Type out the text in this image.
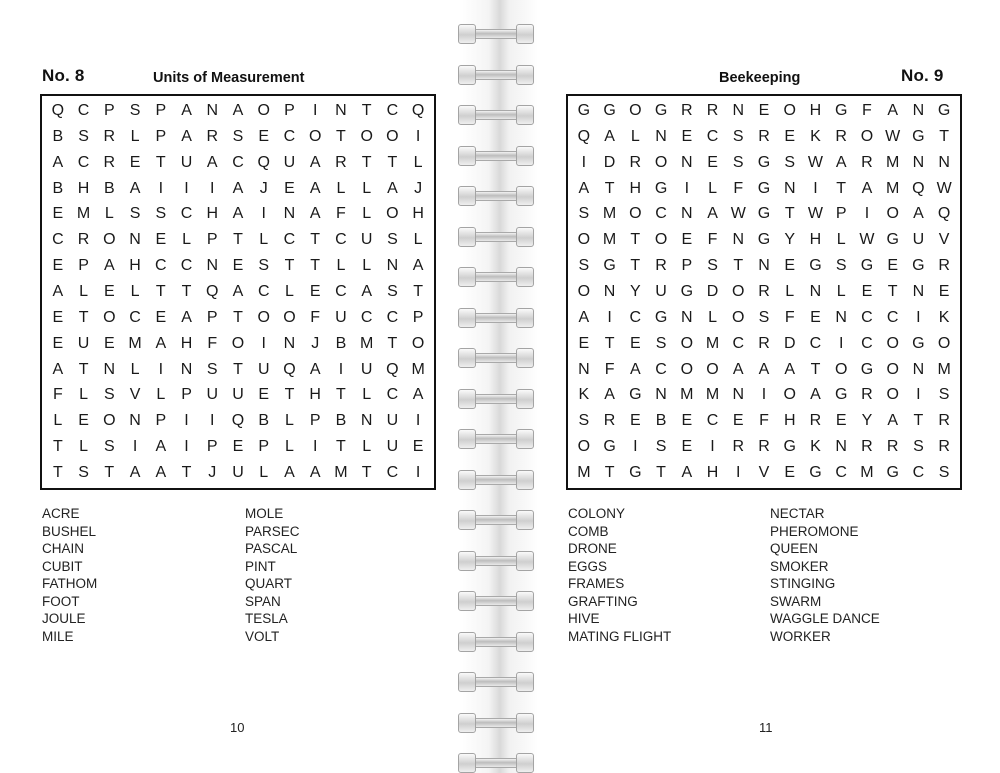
No. 8	Units of Measurement
Q C P S P A N A O P	I	N T C Q
B S R L P A R S E C O T O O	I
A C R E T U A C Q U A R T T	L
B H B A	I	I	I	A	J	E A L	L A	J
E M L S S C H A	I	N A F	L O H
C R O N E L P T	L C T C U S L
E P A H C C N E S T T	L	L N A
A L E L	T T Q A C L E C A S T
E T O C E A P T O O F U C C P
E U E M A H F O	I	N J	B M T O
A T N L	I	N S T U Q A	I	U Q M
F	L S V L P U U E T H T	L C A
L E O N P	I	I	Q B L P B N U	I
T	L S	I	A	I	P E P L	I	T	L U E
T S T A A T	J U L A A M T C	I
ACRE
BUSHEL
CHAIN
CUBIT
FATHOM
FOOT
JOULE
MILE
MOLE
PARSEC
PASCAL
PINT
QUART
SPAN
TESLA
VOLT
10
Beekeeping	No. 9
G G O G R R N E O H G F A N G
Q A L N E C S R E K R O W G T
I	D R O N E S G S W A R M N N
A T H G	I	L	F G N	I	T A M Q W
S M O C N A W G T W P	I	O A Q
O M T O E F N G Y H L W G U V
S G T R P S T N E G S G E G R
O N Y U G D O R L N L E T N E
A	I	C G N L O S F E N C C	I	K
E T E S O M C R D C	I	C O G O
N F A C O O A A A T O G O N M
K A G N M M N	I	O A G R O	I	S
S R E B E C E F H R E Y A T R
O G	I	S E	I	R R G K N R R S R
M T G T A H	I	V E G C M G C S
COLONY
COMB
DRONE
EGGS
FRAMES
GRAFTING
HIVE
MATING FLIGHT
NECTAR
PHEROMONE
QUEEN
SMOKER
STINGING
SWARM
WAGGLE DANCE
WORKER
11
